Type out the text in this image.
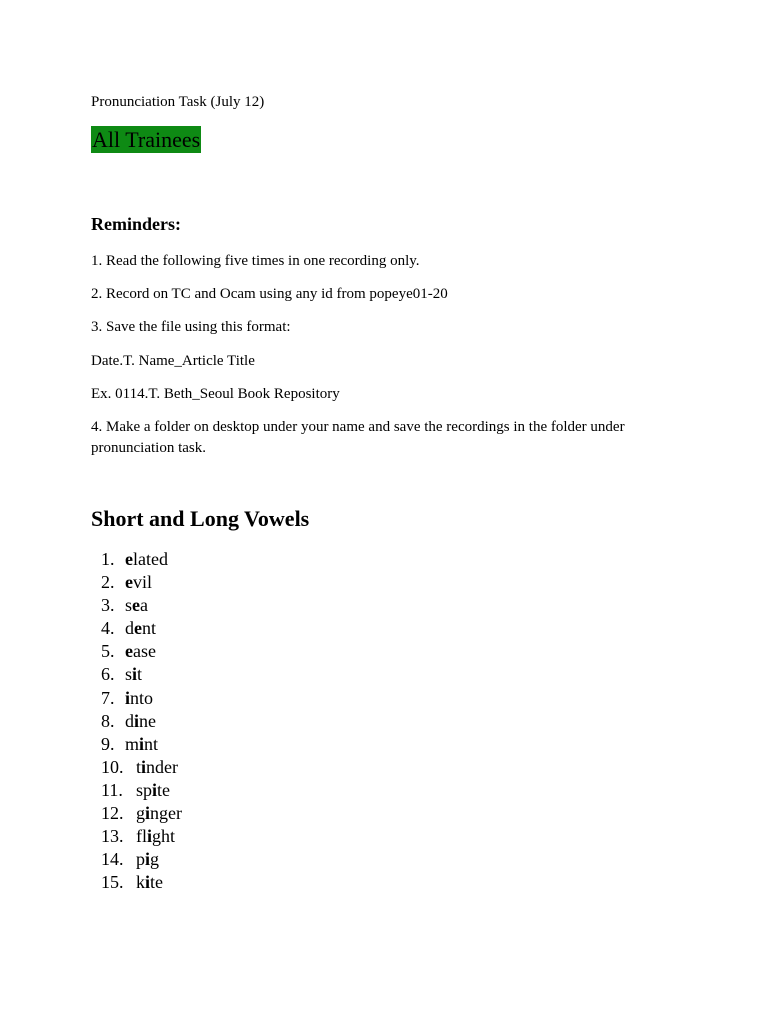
Pronunciation Task (July 12)
All Trainees
Reminders:
1. Read the following five times in one recording only.
2. Record on TC and Ocam using any id from popeye01-20
3. Save the file using this format:
Date.T. Name_Article Title
Ex. 0114.T. Beth_Seoul Book Repository
4. Make a folder on desktop under your name and save the recordings in the folder under pronunciation task.
Short and Long Vowels
1. elated
2. evil
3. sea
4. dent
5. ease
6. sit
7. into
8. dine
9. mint
10. tinder
11. spite
12. ginger
13. flight
14. pig
15. kite
